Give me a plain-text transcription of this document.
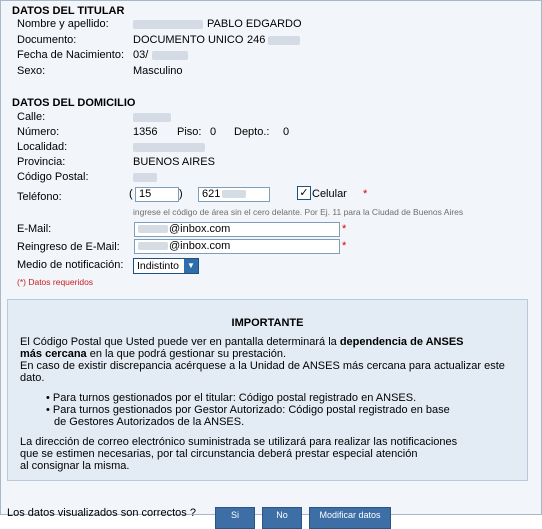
DATOS DEL TITULAR
Nombre y apellido:	PABLO EDGARDO
Documento:	DOCUMENTO UNICO 246
Fecha de Nacimiento: 03/
Sexo:	Masculino
DATOS DEL DOMICILIO
Calle:
Número:	1356 Piso: 0 Depto.: 0
Localidad:
Provincia:	BUENOS AIRES
Código Postal:
Teléfono:	( 15	)	621	✓ Celular *
ingrese el código de área sin el cero delante. Por Ej. 11 para la Ciudad de Buenos Aires
E-Mail:	@inbox.com	*
Reingreso de E-Mail:	@inbox.com	*
Medio de notificación:	Indistinto	▼
(*) Datos requeridos
IMPORTANTE
El Código Postal que Usted puede ver en pantalla determinará la dependencia de ANSES
más cercana en la que podrá gestionar su prestación.
En caso de existir discrepancia acérquese a la Unidad de ANSES más cercana para actualizar este
dato.
• Para turnos gestionados por el titular: Código postal registrado en ANSES.
• Para turnos gestionados por Gestor Autorizado: Código postal registrado en base
de Gestores Autorizados de la ANSES.
La dirección de correo electrónico suministrada se utilizará para realizar las notificaciones
que se estimen necesarias, por tal circunstancia deberá prestar especial atención
al consignar la misma.
Los datos visualizados son correctos ?	Si	No	Modificar datos
